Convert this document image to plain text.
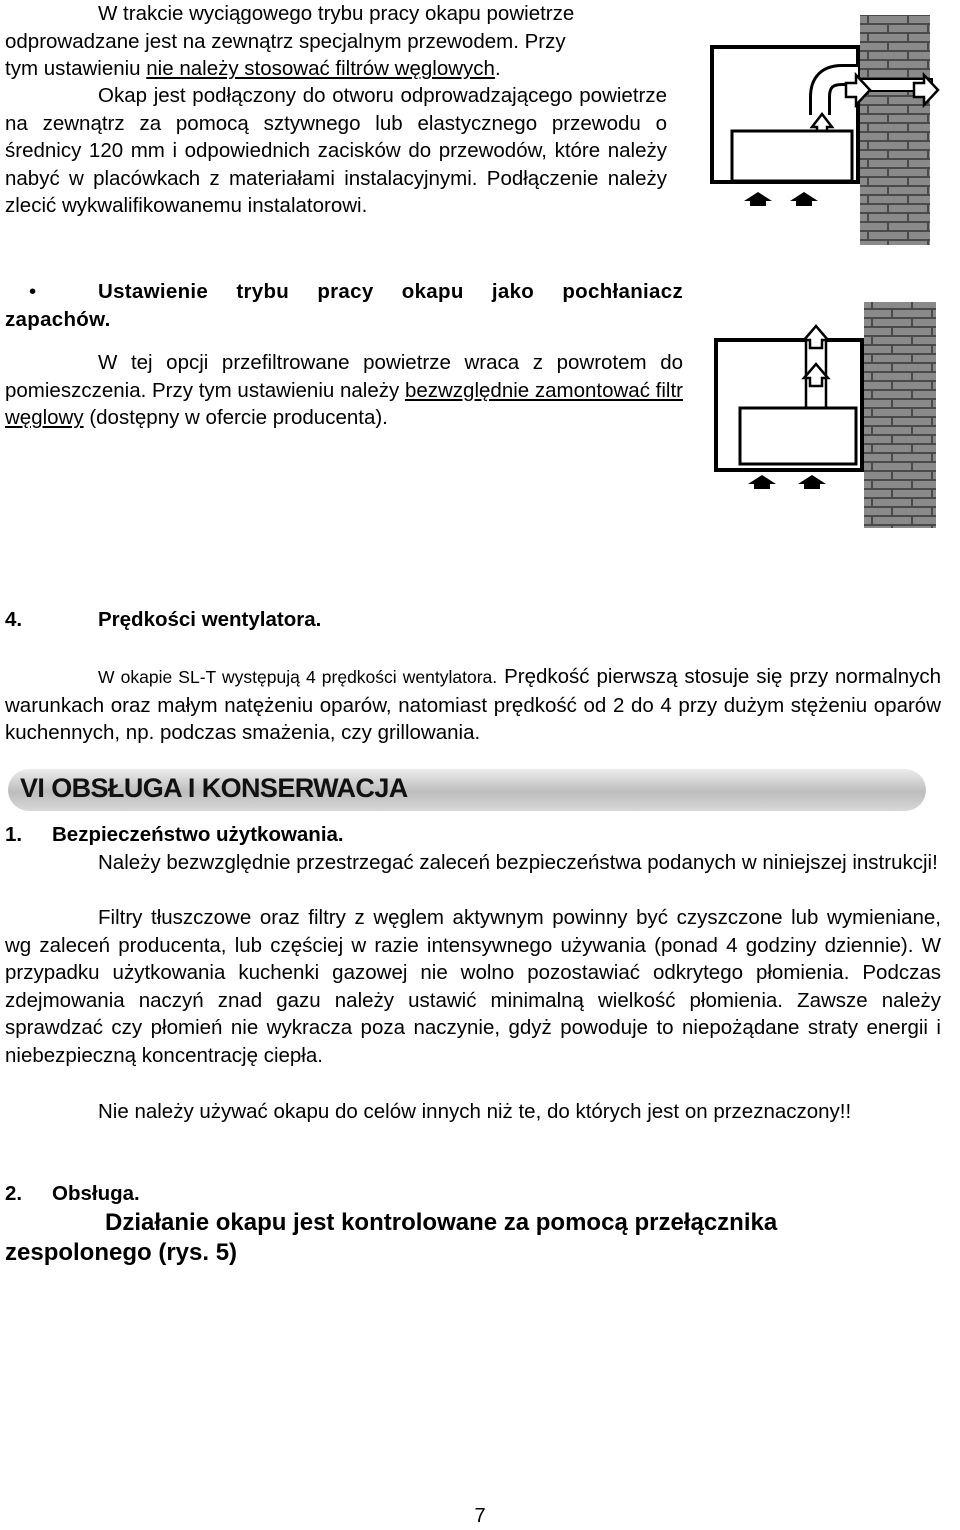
W trakcie wyciągowego trybu pracy okapu powietrze
odprowadzane jest na zewnątrz specjalnym przewodem. Przy
tym ustawieniu nie należy stosować filtrów węglowych.

Okap jest podłączony do otworu odprowadzającego powietrze na zewnątrz za pomocą sztywnego lub elastycznego przewodu o średnicy 120 mm i odpowiednich zacisków do przewodów, które należy nabyć w placówkach z materiałami instalacyjnymi. Podłączenie należy zlecić wykwalifikowanemu instalatorowi.

•	Ustawienie trybu pracy okapu jako pochłaniacz zapachów.

W tej opcji przefiltrowane powietrze wraca z powrotem do pomieszczenia. Przy tym ustawieniu należy bezwzględnie zamontować filtr węglowy (dostępny w ofercie producenta).

4.	Prędkości wentylatora.

W okapie SL-T występują 4 prędkości wentylatora. Prędkość pierwszą stosuje się przy normalnych warunkach oraz małym natężeniu oparów, natomiast prędkość od 2 do 4 przy dużym stężeniu oparów kuchennych, np. podczas smażenia, czy grillowania.

VI OBSŁUGA I KONSERWACJA
1. Bezpieczeństwo użytkowania.

Należy bezwzględnie przestrzegać zaleceń bezpieczeństwa podanych w niniejszej instrukcji!

Filtry tłuszczowe oraz filtry z węglem aktywnym powinny być czyszczone lub wymieniane, wg zaleceń producenta, lub częściej w razie intensywnego używania (ponad 4 godziny dziennie). W przypadku użytkowania kuchenki gazowej nie wolno pozostawiać odkrytego płomienia. Podczas zdejmowania naczyń znad gazu należy ustawić minimalną wielkość płomienia. Zawsze należy sprawdzać czy płomień nie wykracza poza naczynie, gdyż powoduje to niepożądane straty energii i niebezpieczną koncentrację ciepła.

Nie należy używać okapu do celów innych niż te, do których jest on przeznaczony!!

2. Obsługa.

Działanie okapu jest kontrolowane za pomocą przełącznika zespolonego (rys. 5)

7
